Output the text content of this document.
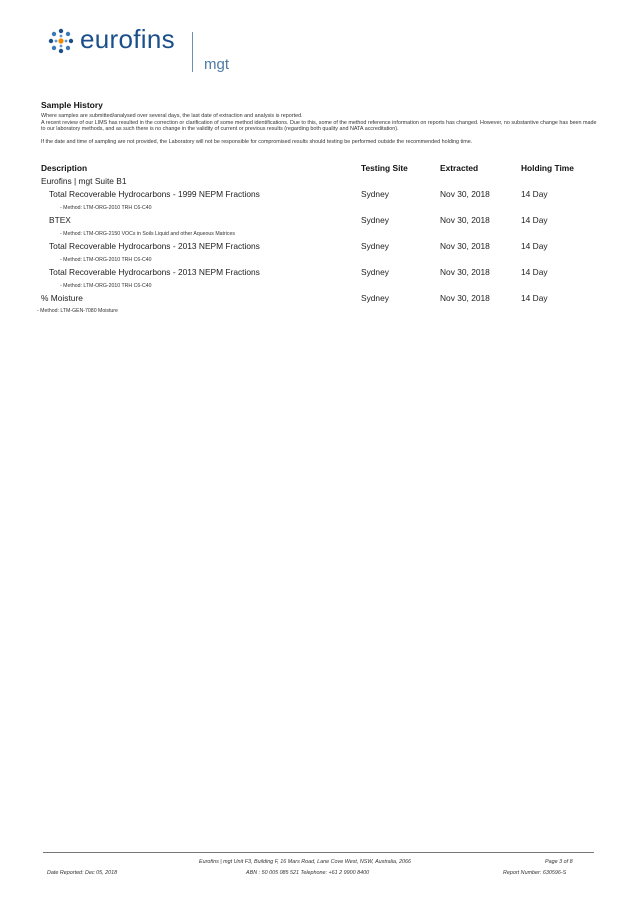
eurofins
mgt
Sample History

Where samples are submitted/analysed over several days, the last date of extraction and analysis is reported.

A recent review of our LIMS has resulted in the correction or clarification of some method identifications. Due to this, some of the method reference information on reports has changed. However, no substantive change has been made to our laboratory methods, and as such there is no change in the validity of current or previous results (regarding both quality and NATA accreditation).

If the date and time of sampling are not provided, the Laboratory will not be responsible for compromised results should testing be performed outside the recommended holding time.

Description	Testing Site	Extracted	Holding Time
Eurofins | mgt Suite B1
Total Recoverable Hydrocarbons - 1999 NEPM Fractions	Sydney	Nov 30, 2018	14 Day
- Method: LTM-ORG-2010 TRH C6-C40
BTEX	Sydney	Nov 30, 2018	14 Day
- Method: LTM-ORG-2150 VOCs in Soils Liquid and other Aqueous Matrices
Total Recoverable Hydrocarbons - 2013 NEPM Fractions	Sydney	Nov 30, 2018	14 Day
- Method: LTM-ORG-2010 TRH C6-C40
Total Recoverable Hydrocarbons - 2013 NEPM Fractions	Sydney	Nov 30, 2018	14 Day
- Method: LTM-ORG-2010 TRH C6-C40
% Moisture	Sydney	Nov 30, 2018	14 Day
- Method: LTM-GEN-7080 Moisture
Eurofins | mgt Unit F3, Building F, 16 Mars Road, Lane Cove West, NSW, Australia, 2066	Page 3 of 8
Date Reported: Dec 05, 2018	ABN : 50 005 085 521 Telephone: +61 2 9900 8400	Report Number: 630596-S
